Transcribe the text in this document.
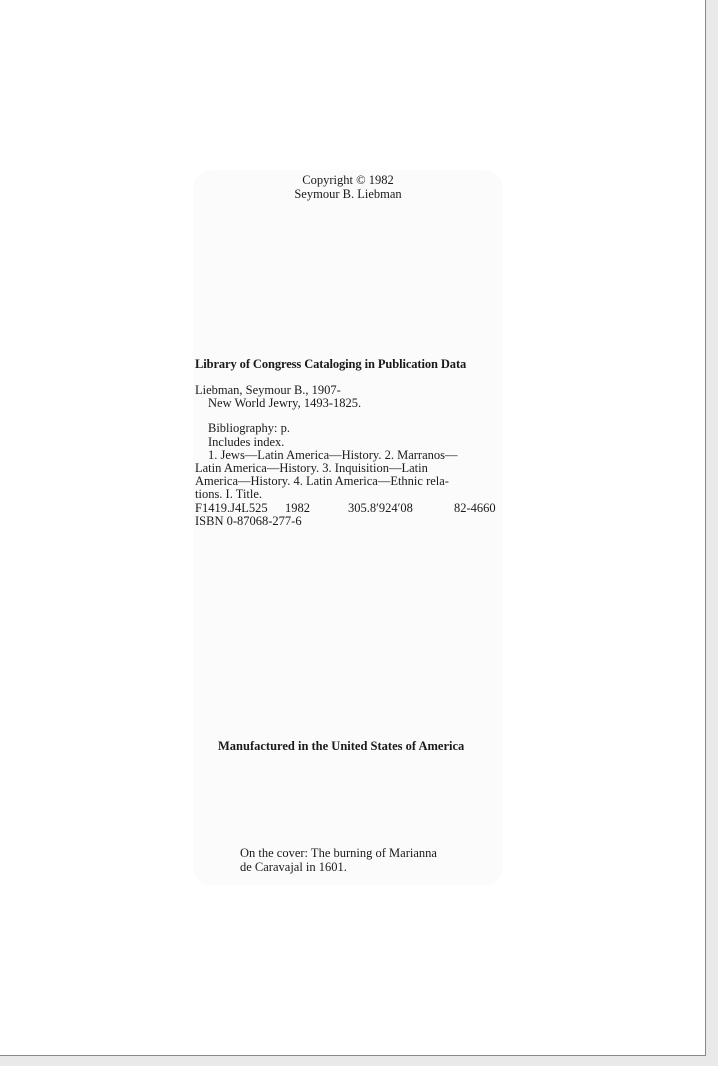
Copyright © 1982
Seymour B. Liebman
Library of Congress Cataloging in Publication Data
Liebman, Seymour B., 1907-
New World Jewry, 1493-1825.
Bibliography: p.
Includes index.
1. Jews—Latin America—History. 2. Marranos—
Latin America—History. 3. Inquisition—Latin
America—History. 4. Latin America—Ethnic rela-
tions. I. Title.
F1419.J4L525 1982	305.8′924′08	82-4660
ISBN 0-87068-277-6
Manufactured in the United States of America
On the cover: The burning of Marianna
de Caravajal in 1601.
